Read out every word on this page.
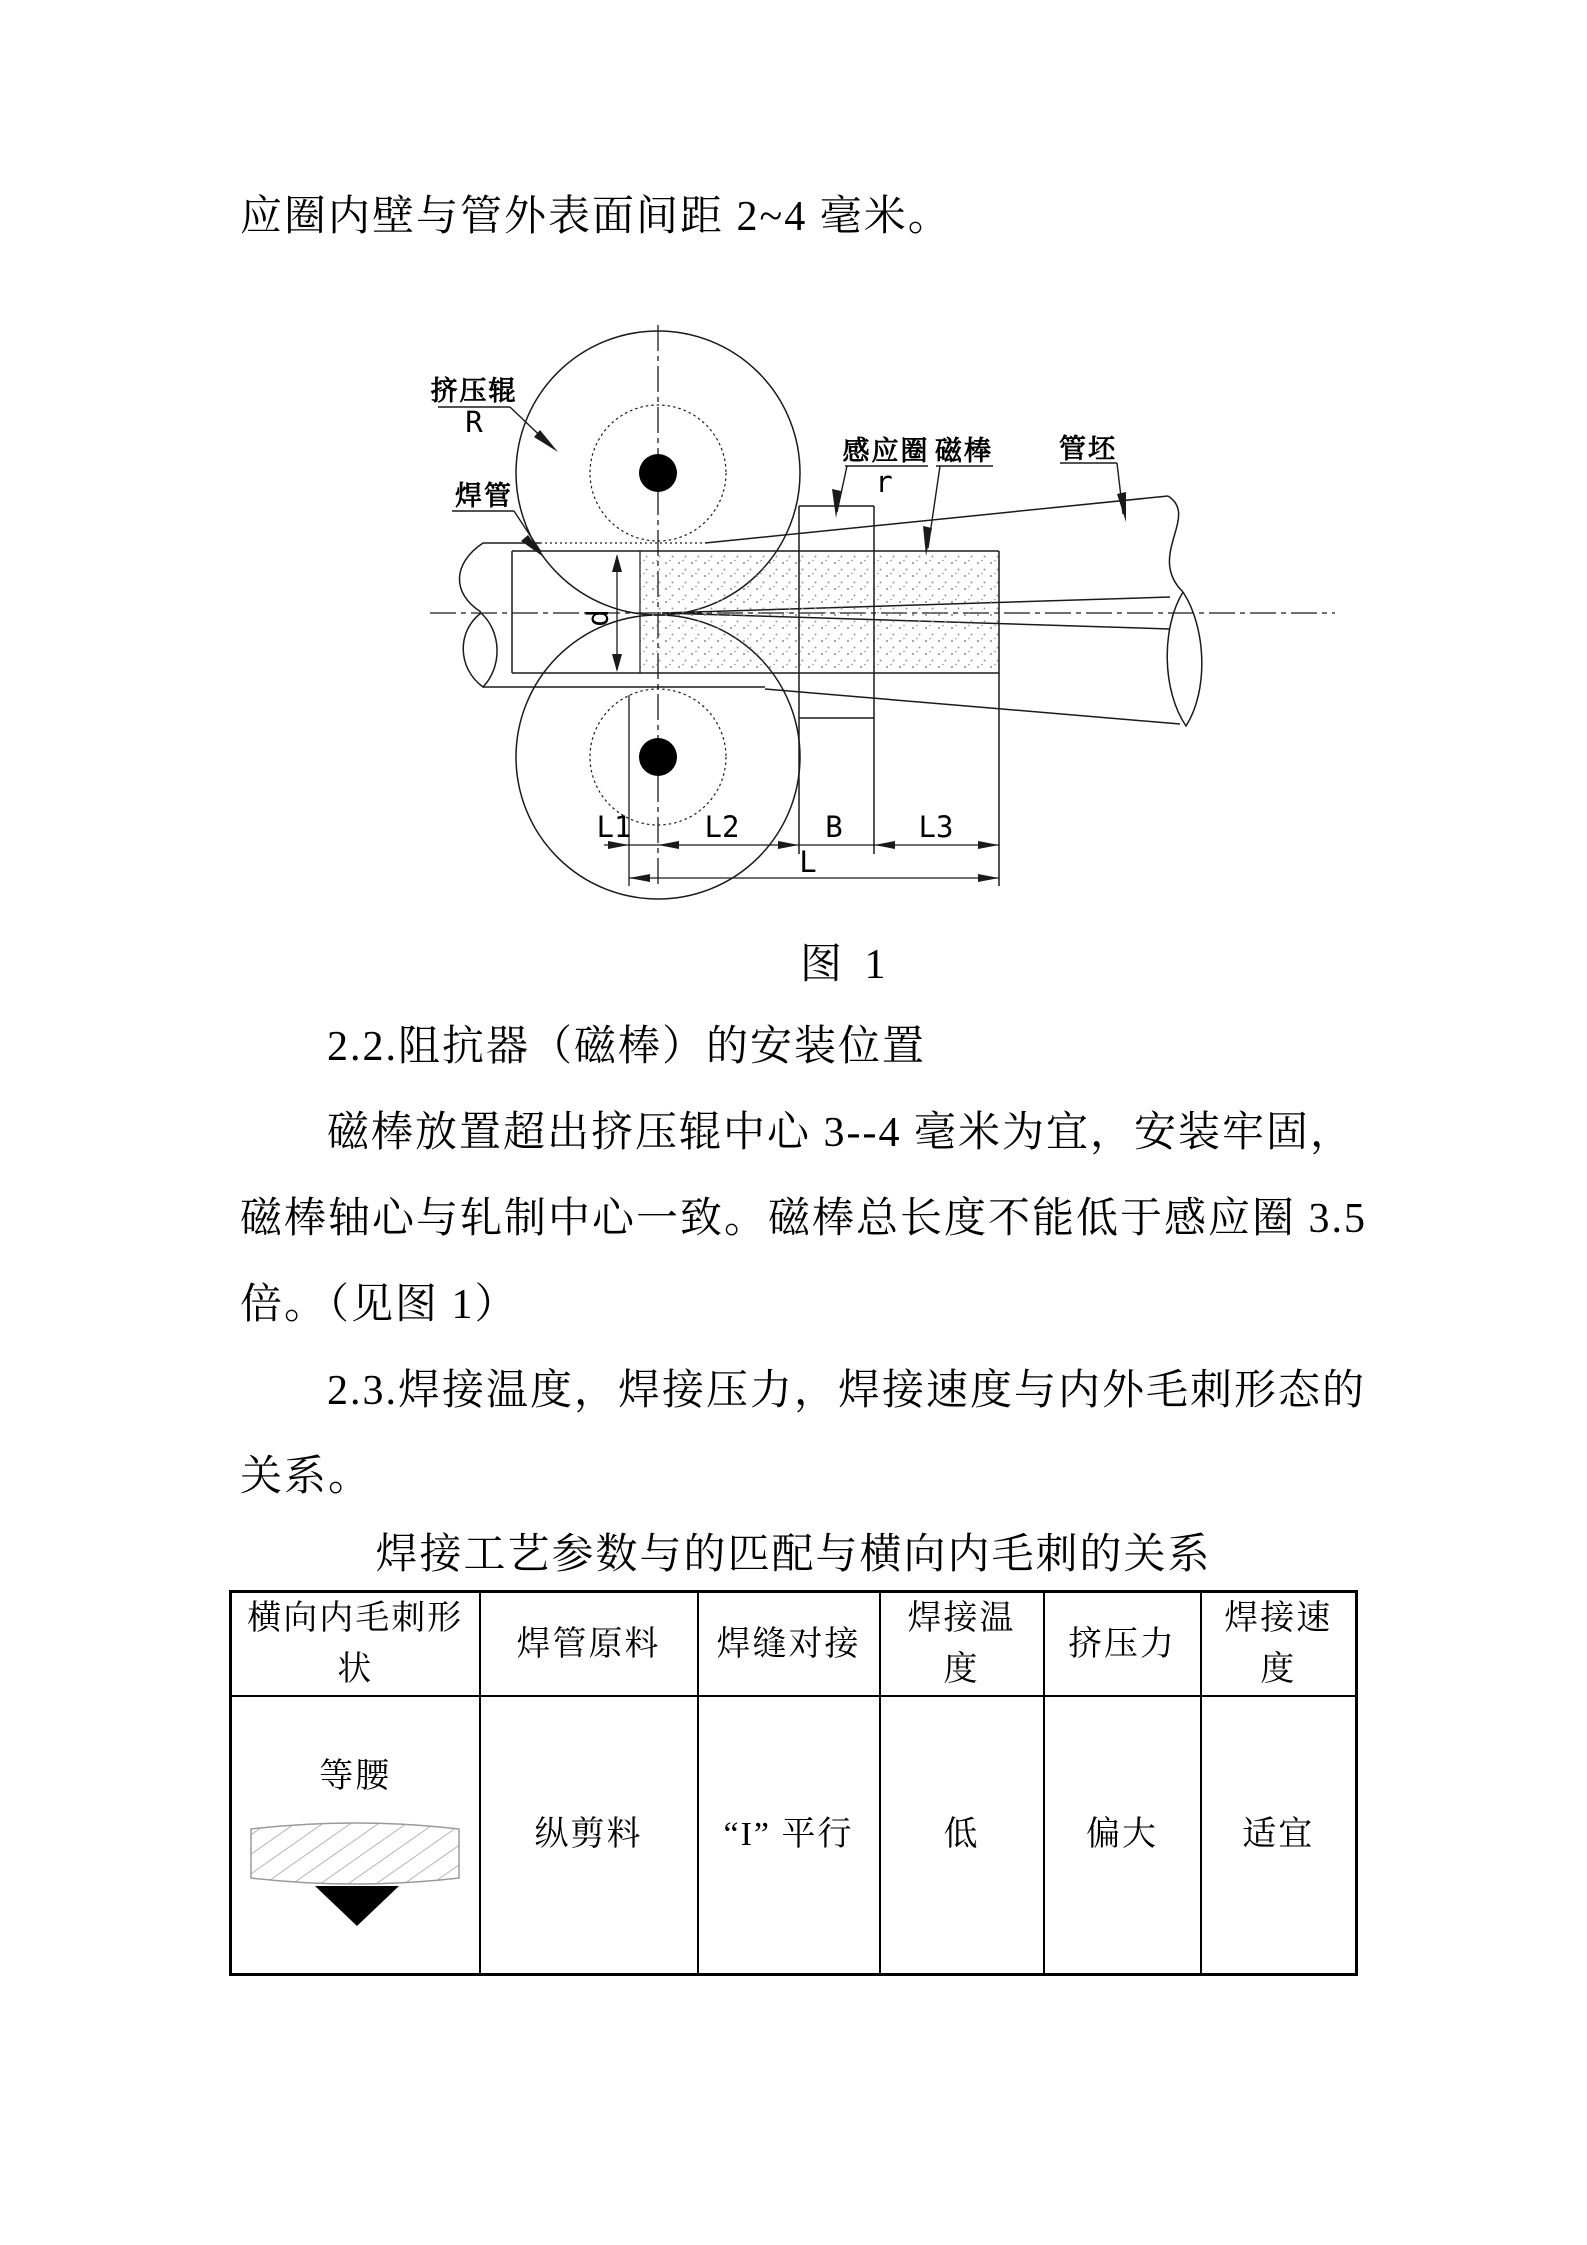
应圈内壁与管外表面间距 2~4 毫米。
挤压辊
R
焊管
感应圈
r
磁棒 管坯
d
L1	L2	B	L3
L
图 1
2.2.阻抗器（磁棒）的安装位置
磁棒放置超出挤压辊中心 3--4 毫米为宜，安装牢固，
磁棒轴心与轧制中心一致。磁棒总长度不能低于感应圈 3.5
倍。（见图 1）
2.3.焊接温度，焊接压力，焊接速度与内外毛刺形态的
关系。
焊接工艺参数与的匹配与横向内毛刺的关系
横向内毛刺形状	焊管原料	焊缝对接	焊接温度	挤压力	焊接速度

等腰	纵剪料	“I” 平行	低	偏大	适宜
